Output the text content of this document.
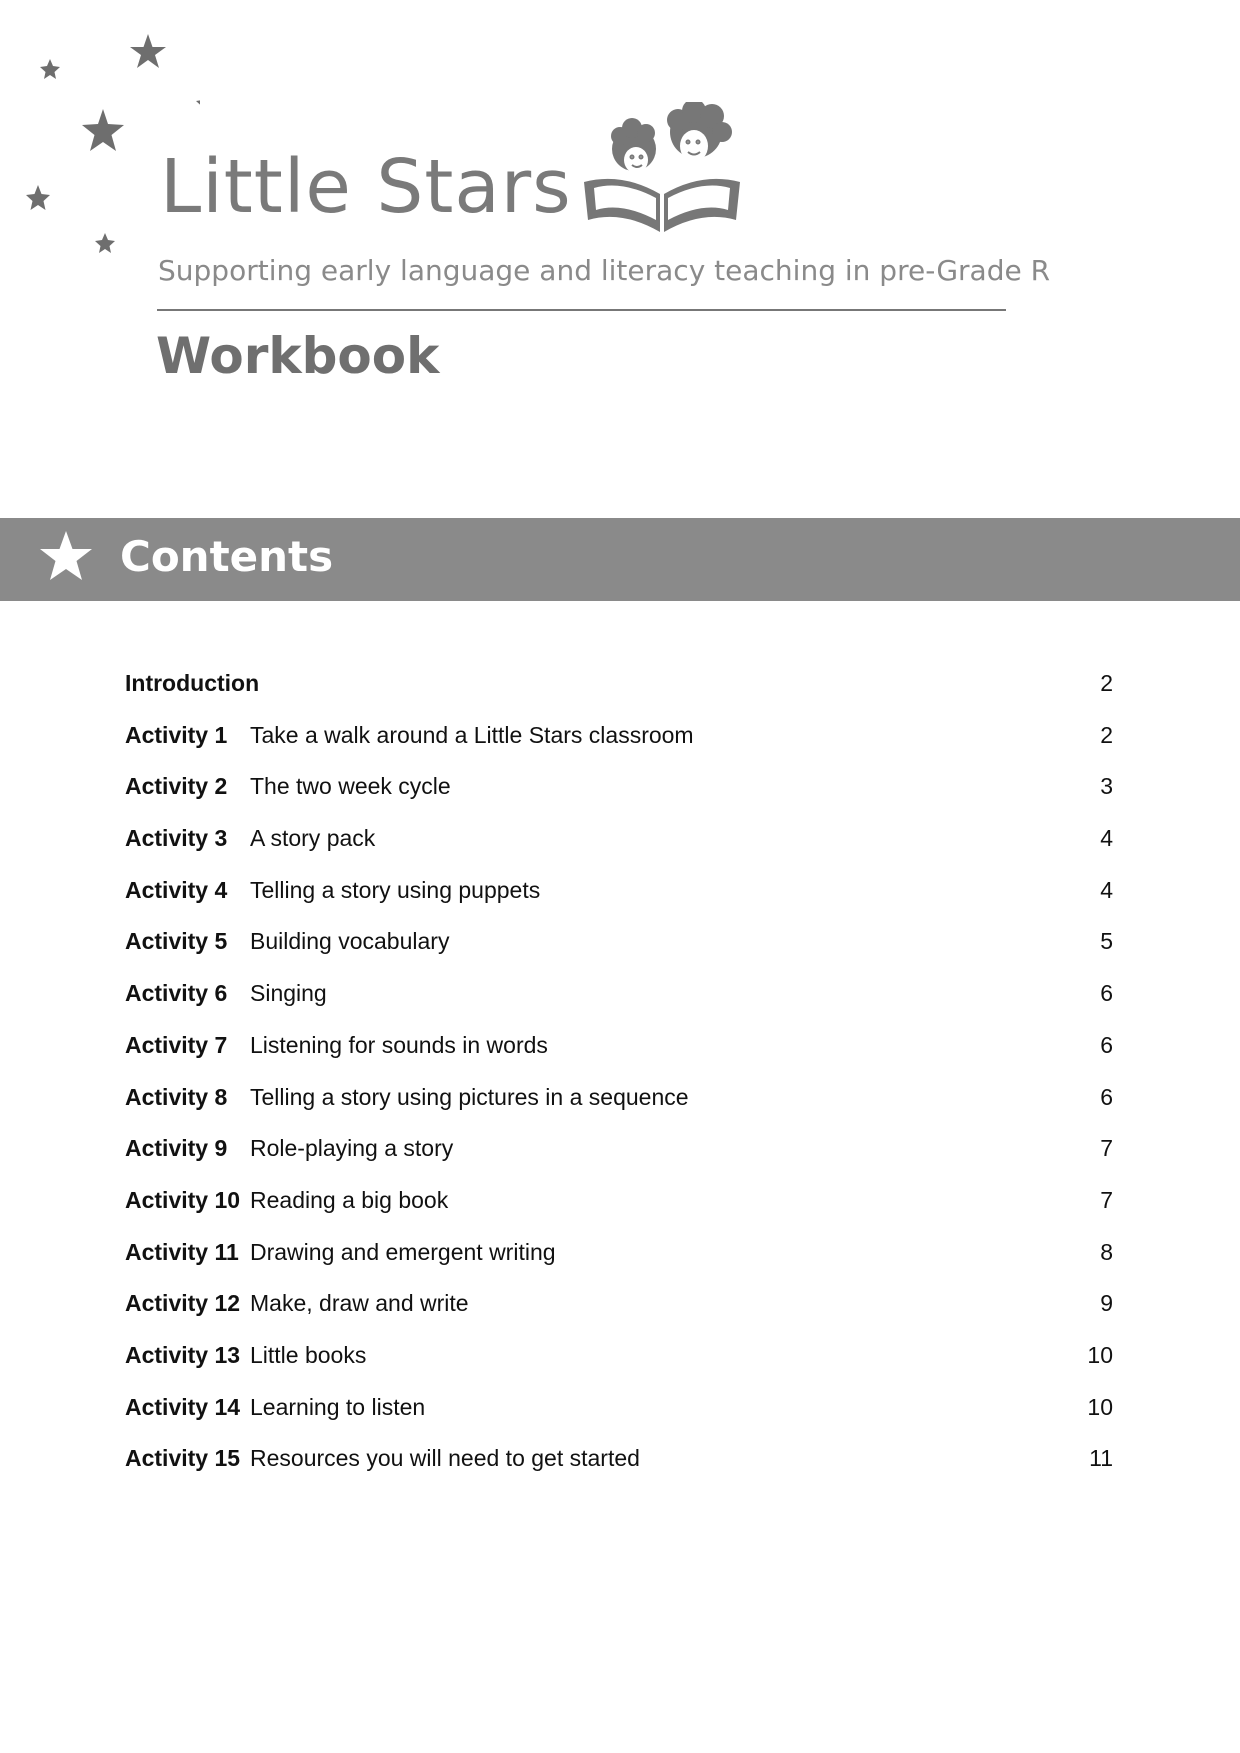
Little Stars

Supporting early language and literacy teaching in pre-Grade R

Workbook
Contents
Introduction	2
Activity 1 Take a walk around a Little Stars classroom	2
Activity 2 The two week cycle	3
Activity 3 A story pack	4
Activity 4 Telling a story using puppets	4
Activity 5 Building vocabulary	5
Activity 6 Singing	6
Activity 7 Listening for sounds in words	6
Activity 8 Telling a story using pictures in a sequence	6
Activity 9 Role-playing a story	7
Activity 10 Reading a big book	7
Activity 11 Drawing and emergent writing	8
Activity 12 Make, draw and write	9
Activity 13 Little books	10
Activity 14 Learning to listen	10
Activity 15 Resources you will need to get started	11
